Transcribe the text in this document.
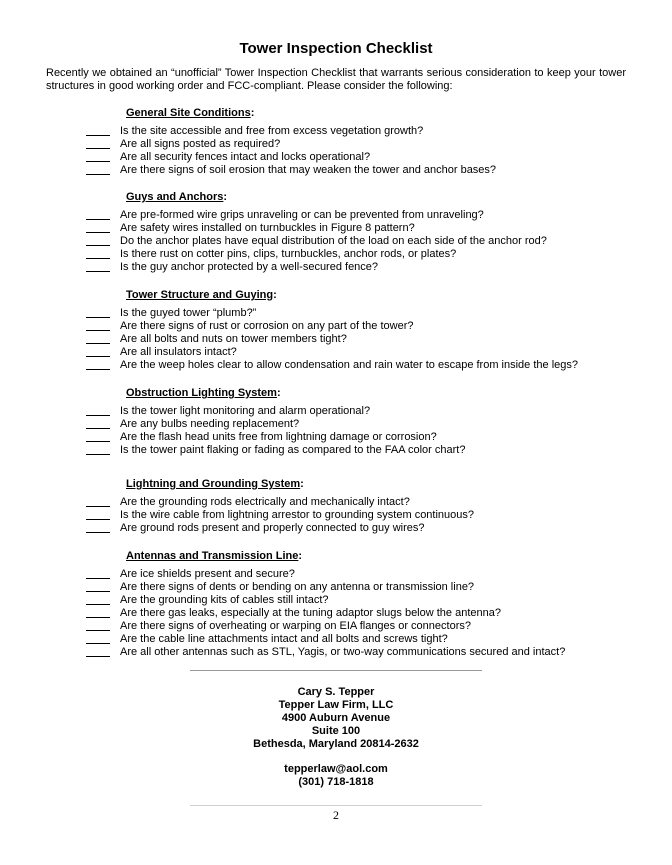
Tower Inspection Checklist
Recently we obtained an “unofficial” Tower Inspection Checklist that warrants serious consideration to keep your tower structures in good working order and FCC-compliant. Please consider the following:
General Site Conditions:
Is the site accessible and free from excess vegetation growth?
Are all signs posted as required?
Are all security fences intact and locks operational?
Are there signs of soil erosion that may weaken the tower and anchor bases?
Guys and Anchors:
Are pre-formed wire grips unraveling or can be prevented from unraveling?
Are safety wires installed on turnbuckles in Figure 8 pattern?
Do the anchor plates have equal distribution of the load on each side of the anchor rod?
Is there rust on cotter pins, clips, turnbuckles, anchor rods, or plates?
Is the guy anchor protected by a well-secured fence?
Tower Structure and Guying:
Is the guyed tower “plumb?”
Are there signs of rust or corrosion on any part of the tower?
Are all bolts and nuts on tower members tight?
Are all insulators intact?
Are the weep holes clear to allow condensation and rain water to escape from inside the legs?
Obstruction Lighting System:
Is the tower light monitoring and alarm operational?
Are any bulbs needing replacement?
Are the flash head units free from lightning damage or corrosion?
Is the tower paint flaking or fading as compared to the FAA color chart?
Lightning and Grounding System:
Are the grounding rods electrically and mechanically intact?
Is the wire cable from lightning arrestor to grounding system continuous?
Are ground rods present and properly connected to guy wires?
Antennas and Transmission Line:
Are ice shields present and secure?
Are there signs of dents or bending on any antenna or transmission line?
Are the grounding kits of cables still intact?
Are there gas leaks, especially at the tuning adaptor slugs below the antenna?
Are there signs of overheating or warping on EIA flanges or connectors?
Are the cable line attachments intact and all bolts and screws tight?
Are all other antennas such as STL, Yagis, or two-way communications secured and intact?
Cary S. Tepper
Tepper Law Firm, LLC
4900 Auburn Avenue
Suite 100
Bethesda, Maryland 20814-2632
tepperlaw@aol.com
(301) 718-1818
2
